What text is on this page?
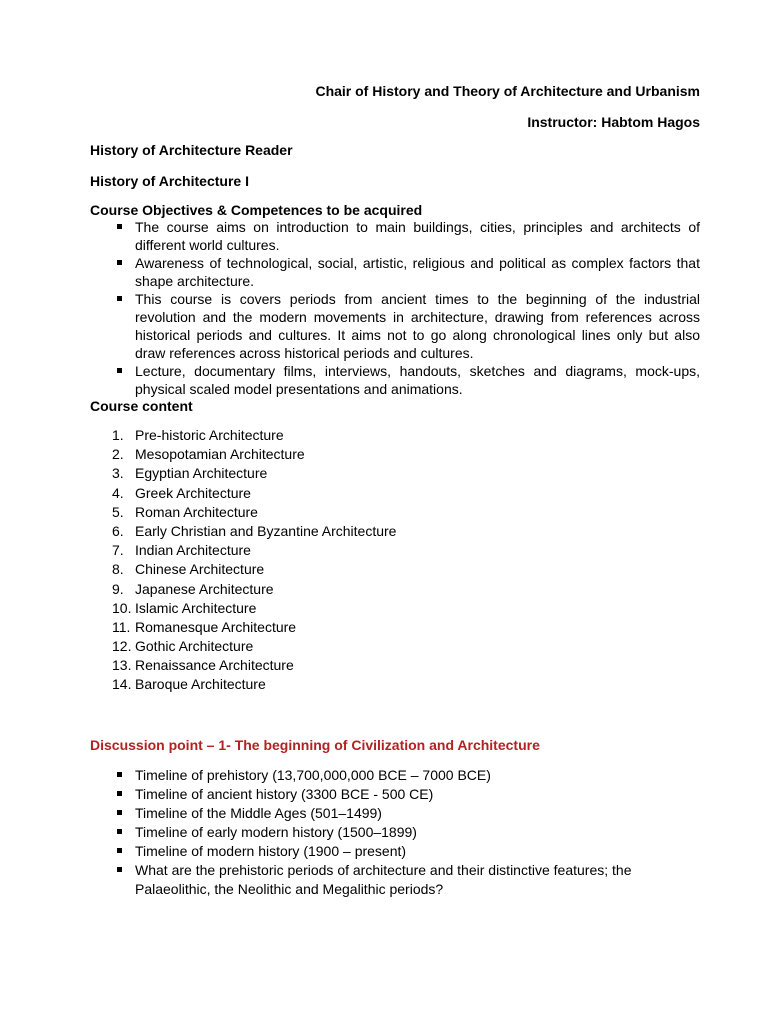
Chair of History and Theory of Architecture and Urbanism
Instructor: Habtom Hagos
History of Architecture Reader
History of Architecture I
Course Objectives & Competences to be acquired
The course aims on introduction to main buildings, cities, principles and architects of different world cultures.
Awareness of technological, social, artistic, religious and political as complex factors that shape architecture.
This course is covers periods from ancient times to the beginning of the industrial revolution and the modern movements in architecture, drawing from references across historical periods and cultures. It aims not to go along chronological lines only but also draw references across historical periods and cultures.
Lecture, documentary films, interviews, handouts, sketches and diagrams, mock-ups, physical scaled model presentations and animations.
Course content
1. Pre-historic Architecture
2. Mesopotamian Architecture
3. Egyptian Architecture
4. Greek Architecture
5. Roman Architecture
6. Early Christian and Byzantine Architecture
7. Indian Architecture
8. Chinese Architecture
9. Japanese Architecture
10. Islamic Architecture
11. Romanesque Architecture
12. Gothic Architecture
13. Renaissance Architecture
14. Baroque Architecture
Discussion point – 1- The beginning of Civilization and Architecture
Timeline of prehistory (13,700,000,000 BCE – 7000 BCE)
Timeline of ancient history (3300 BCE - 500 CE)
Timeline of the Middle Ages (501–1499)
Timeline of early modern history (1500–1899)
Timeline of modern history (1900 – present)
What are the prehistoric periods of architecture and their distinctive features; the Palaeolithic, the Neolithic and Megalithic periods?
